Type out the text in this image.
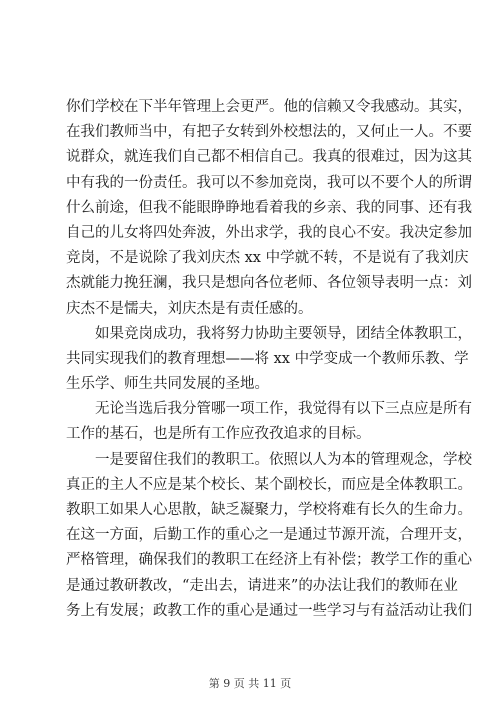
你们学校在下半年管理上会更严。他的信赖又令我感动。其实，
在我们教师当中，有把子女转到外校想法的，又何止一人。不要
说群众，就连我们自己都不相信自己。我真的很难过，因为这其
中有我的一份责任。我可以不参加竞岗，我可以不要个人的所谓
什么前途，但我不能眼睁睁地看着我的乡亲、我的同事、还有我
自己的儿女将四处奔波，外出求学，我的良心不安。我决定参加
竞岗，不是说除了我刘庆杰 xx 中学就不转，不是说有了我刘庆
杰就能力挽狂澜，我只是想向各位老师、各位领导表明一点：刘
庆杰不是懦夫，刘庆杰是有责任感的。
如果竞岗成功，我将努力协助主要领导，团结全体教职工，
共同实现我们的教育理想——将 xx 中学变成一个教师乐教、学
生乐学、师生共同发展的圣地。
无论当选后我分管哪一项工作，我觉得有以下三点应是所有
工作的基石，也是所有工作应孜孜追求的目标。
一是要留住我们的教职工。依照以人为本的管理观念，学校
真正的主人不应是某个校长、某个副校长，而应是全体教职工。
教职工如果人心思散，缺乏凝聚力，学校将难有长久的生命力。
在这一方面，后勤工作的重心之一是通过节源开流，合理开支，
严格管理，确保我们的教职工在经济上有补偿；教学工作的重心
是通过教研教改，“走出去，请进来”的办法让我们的教师在业
务上有发展；政教工作的重心是通过一些学习与有益活动让我们
第 9 页 共 11 页
